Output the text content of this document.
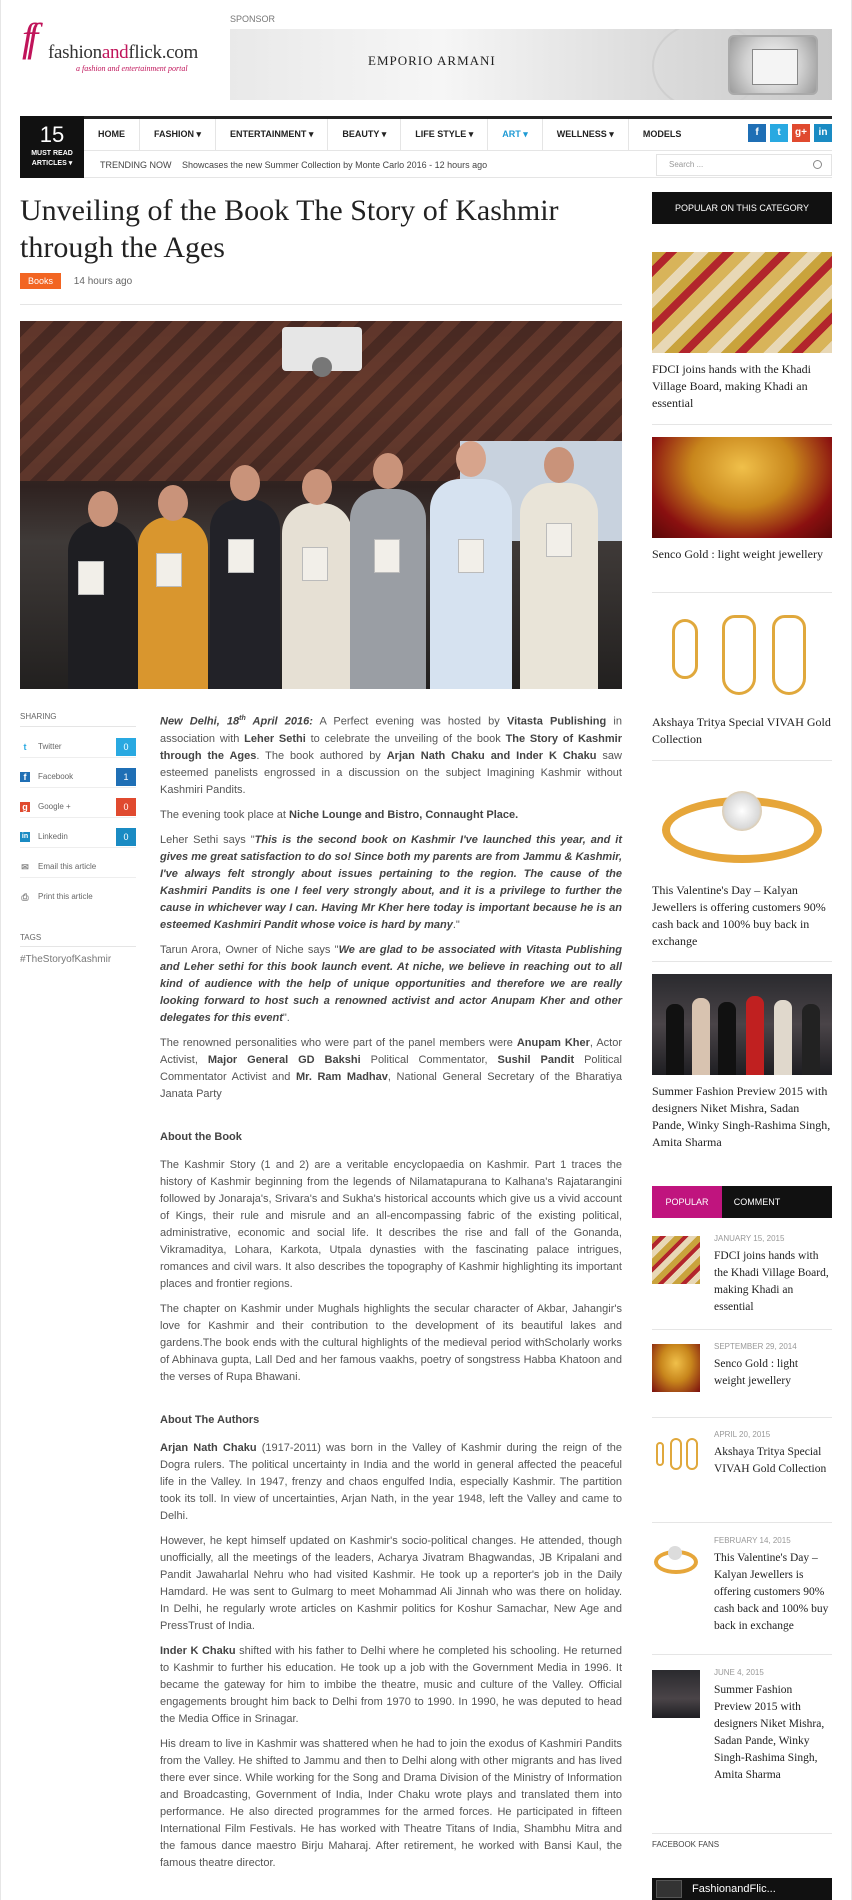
ff fashionandflick.com
a fashion and entertainment portal
SPONSOR
EMPORIO ARMANI
15
MUST READ
ARTICLES ▾
HOME	FASHION ▾	ENTERTAINMENT ▾	BEAUTY ▾	LIFE STYLE ▾	ART ▾	WELLNESS ▾	MODELS	f	t	g+	in
TRENDING NOW Showcases the new Summer Collection by Monte Carlo 2016 - 12 hours ago	Search ...
Unveiling of the Book The Story of Kashmir through the Ages
Books 14 hours ago
SHARING
t	Twitter	0
f	Facebook	1
g Google +	0
in Linkedin	0
✉ Email this article
⎙ Print this article
TAGS
#TheStoryofKashmir

New Delhi, 18th April 2016: A Perfect evening was hosted by Vitasta Publishing in association with Leher Sethi to celebrate the unveiling of the book The Story of Kashmir through the Ages. The book authored by Arjan Nath Chaku and Inder K Chaku saw esteemed panelists engrossed in a discussion on the subject Imagining Kashmir without Kashmiri Pandits.

The evening took place at Niche Lounge and Bistro, Connaught Place.

Leher Sethi says "This is the second book on Kashmir I've launched this year, and it gives me great satisfaction to do so! Since both my parents are from Jammu & Kashmir, I've always felt strongly about issues pertaining to the region. The cause of the Kashmiri Pandits is one I feel very strongly about, and it is a privilege to further the cause in whichever way I can. Having Mr Kher here today is important because he is an esteemed Kashmiri Pandit whose voice is hard by many."

Tarun Arora, Owner of Niche says "We are glad to be associated with Vitasta Publishing and Leher sethi for this book launch event. At niche, we believe in reaching out to all kind of audience with the help of unique opportunities and therefore we are really looking forward to host such a renowned activist and actor Anupam Kher and other delegates for this event".

The renowned personalities who were part of the panel members were Anupam Kher, Actor Activist, Major General GD Bakshi Political Commentator, Sushil Pandit Political Commentator Activist and Mr. Ram Madhav, National General Secretary of the Bharatiya Janata Party

About the Book

The Kashmir Story (1 and 2) are a veritable encyclopaedia on Kashmir. Part 1 traces the history of Kashmir beginning from the legends of Nilamatapurana to Kalhana's Rajatarangini followed by Jonaraja's, Srivara's and Sukha's historical accounts which give us a vivid account of Kings, their rule and misrule and an all-encompassing fabric of the existing political, administrative, economic and social life. It describes the rise and fall of the Gonanda, Vikramaditya, Lohara, Karkota, Utpala dynasties with the fascinating palace intrigues, romances and civil wars. It also describes the topography of Kashmir highlighting its important places and frontier regions.

The chapter on Kashmir under Mughals highlights the secular character of Akbar, Jahangir's love for Kashmir and their contribution to the development of its beautiful lakes and gardens.The book ends with the cultural highlights of the medieval period withScholarly works of Abhinava gupta, Lall Ded and her famous vaakhs, poetry of songstress Habba Khatoon and the verses of Rupa Bhawani.

About The Authors

Arjan Nath Chaku (1917-2011) was born in the Valley of Kashmir during the reign of the Dogra rulers. The political uncertainty in India and the world in general affected the peaceful life in the Valley. In 1947, frenzy and chaos engulfed India, especially Kashmir. The partition took its toll. In view of uncertainties, Arjan Nath, in the year 1948, left the Valley and came to Delhi.

However, he kept himself updated on Kashmir's socio-political changes. He attended, though unofficially, all the meetings of the leaders, Acharya Jivatram Bhagwandas, JB Kripalani and Pandit Jawaharlal Nehru who had visited Kashmir. He took up a reporter's job in the Daily Hamdard. He was sent to Gulmarg to meet Mohammad Ali Jinnah who was there on holiday. In Delhi, he regularly wrote articles on Kashmir politics for Koshur Samachar, New Age and PressTrust of India.

Inder K Chaku shifted with his father to Delhi where he completed his schooling. He returned to Kashmir to further his education. He took up a job with the Government Media in 1996. It became the gateway for him to imbibe the theatre, music and culture of the Valley. Official engagements brought him back to Delhi from 1970 to 1990. In 1990, he was deputed to head the Media Office in Srinagar.

His dream to live in Kashmir was shattered when he had to join the exodus of Kashmiri Pandits from the Valley. He shifted to Jammu and then to Delhi along with other migrants and has lived there ever since. While working for the Song and Drama Division of the Ministry of Information and Broadcasting, Government of India, Inder Chaku wrote plays and translated them into performance. He also directed programmes for the armed forces. He participated in fifteen International Film Festivals. He has worked with Theatre Titans of India, Shambhu Mitra and the famous dance maestro Birju Maharaj. After retirement, he worked with Bansi Kaul, the famous theatre director.

POPULAR ON THIS CATEGORY
FDCI joins hands with the Khadi Village Board, making Khadi an essential
Senco Gold : light weight jewellery
Akshaya Tritya Special VIVAH Gold Collection
This Valentine's Day – Kalyan Jewellers is offering customers 90% cash back and 100% buy back in exchange
Summer Fashion Preview 2015 with designers Niket Mishra, Sadan Pande, Winky Singh-Rashima Singh, Amita Sharma
POPULAR	COMMENT
JANUARY 15, 2015
FDCI joins hands with the Khadi Village Board, making Khadi an essential
SEPTEMBER 29, 2014
Senco Gold : light weight jewellery
APRIL 20, 2015
Akshaya Tritya Special VIVAH Gold Collection
FEBRUARY 14, 2015
This Valentine's Day – Kalyan Jewellers is offering customers 90% cash back and 100% buy back in exchange
JUNE 4, 2015
Summer Fashion Preview 2015 with designers Niket Mishra, Sadan Pande, Winky Singh-Rashima Singh, Amita Sharma
FACEBOOK FANS
FashionandFlic...
